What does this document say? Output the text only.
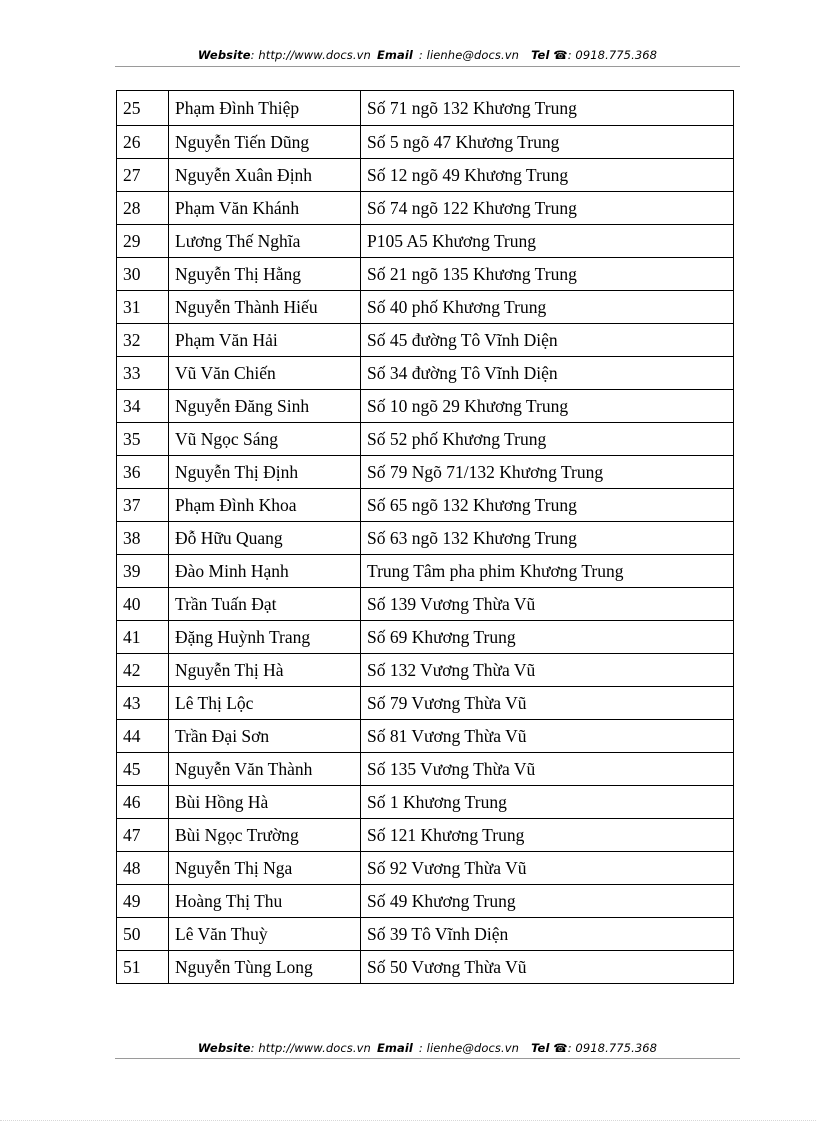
Website: http://www.docs.vn Email : lienhe@docs.vn Tel ☎: 0918.775.368
25	Phạm Đình Thiệp	Số 71 ngõ 132 Khương Trung
26	Nguyễn Tiến Dũng	Số 5 ngõ 47 Khương Trung
27	Nguyễn Xuân Định	Số 12 ngõ 49 Khương Trung
28	Phạm Văn Khánh	Số 74 ngõ 122 Khương Trung
29	Lương Thế Nghĩa	P105 A5 Khương Trung
30	Nguyễn Thị Hằng	Số 21 ngõ 135 Khương Trung
31	Nguyễn Thành Hiếu	Số 40 phố Khương Trung
32	Phạm Văn Hải	Số 45 đường Tô Vĩnh Diện
33	Vũ Văn Chiến	Số 34 đường Tô Vĩnh Diện
34	Nguyễn Đăng Sinh	Số 10 ngõ 29 Khương Trung
35	Vũ Ngọc Sáng	Số 52 phố Khương Trung
36	Nguyễn Thị Định	Số 79 Ngõ 71/132 Khương Trung
37	Phạm Đình Khoa	Số 65 ngõ 132 Khương Trung
38	Đỗ Hữu Quang	Số 63 ngõ 132 Khương Trung
39	Đào Minh Hạnh	Trung Tâm pha phim Khương Trung
40	Trần Tuấn Đạt	Số 139 Vương Thừa Vũ
41	Đặng Huỳnh Trang	Số 69 Khương Trung
42	Nguyễn Thị Hà	Số 132 Vương Thừa Vũ
43	Lê Thị Lộc	Số 79 Vương Thừa Vũ
44	Trần Đại Sơn	Số 81 Vương Thừa Vũ
45	Nguyễn Văn Thành	Số 135 Vương Thừa Vũ
46	Bùi Hồng Hà	Số 1 Khương Trung
47	Bùi Ngọc Trường	Số 121 Khương Trung
48	Nguyễn Thị Nga	Số 92 Vương Thừa Vũ
49	Hoàng Thị Thu	Số 49 Khương Trung
50	Lê Văn Thuỳ	Số 39 Tô Vĩnh Diện
51	Nguyễn Tùng Long	Số 50 Vương Thừa Vũ
Website: http://www.docs.vn Email : lienhe@docs.vn Tel ☎: 0918.775.368
